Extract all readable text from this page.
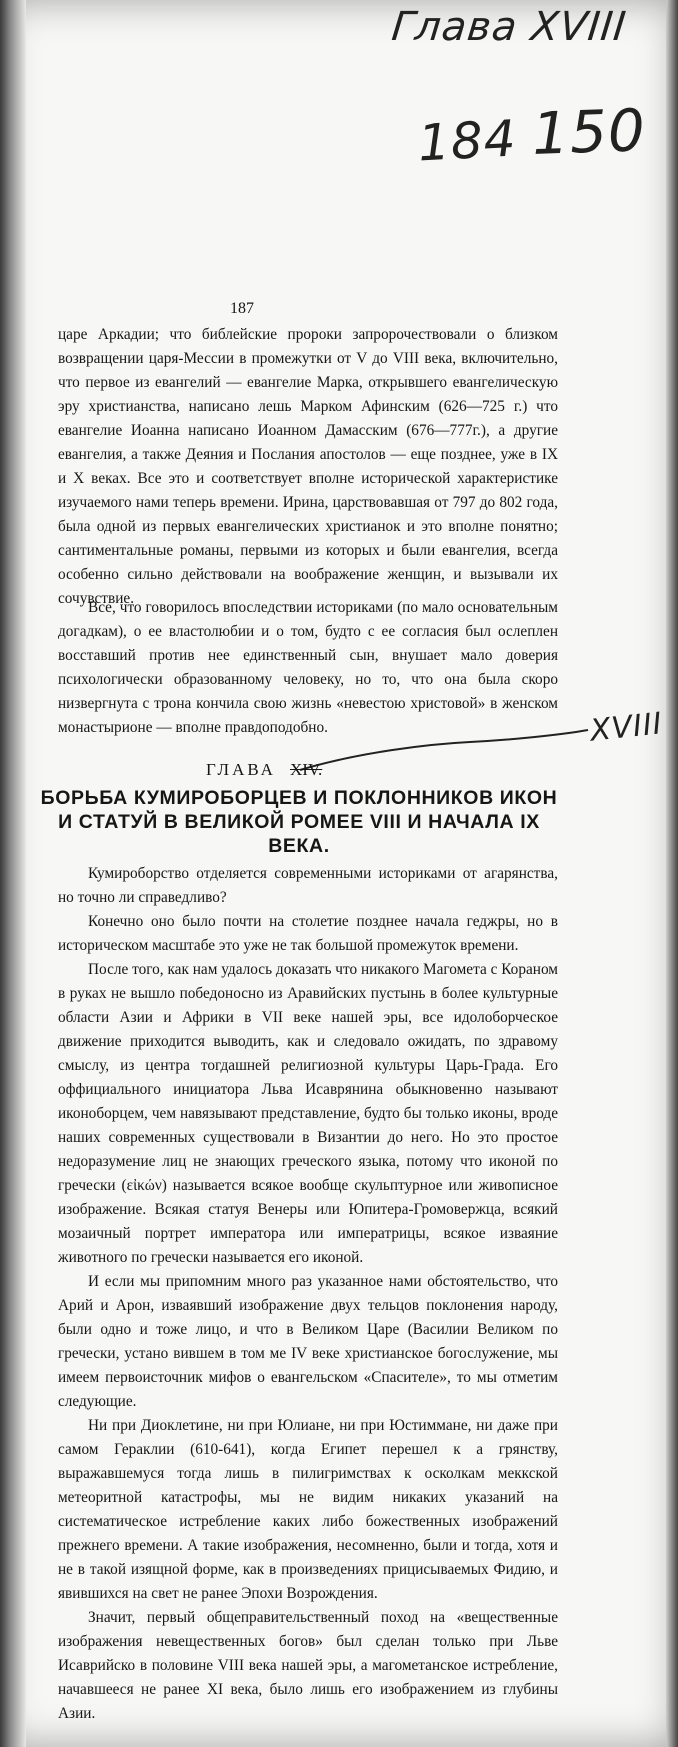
Глава XVIII
184 150
XVIII
187

царе Аркадии; что библейские пророки запророчествовали о близком возвращении царя-Мессии в промежутки от V до VIII века, включительно, что первое из евангелий — евангелие Марка, открывшего евангелическую эру христианства, написано лешь Марком Афинским (626—725 г.) что евангелие Иоанна написано Иоанном Дамасским (676—777г.), а другие евангелия, а также Деяния и Послания апостолов — еще позднее, уже в IX и X веках. Все это и соответствует вполне исторической характеристике изучаемого нами теперь времени. Ирина, царствовавшая от 797 до 802 года, была одной из первых евангелических христианок и это вполне понятно; сантиментальные романы, первыми из которых и были евангелия, всегда особенно сильно действовали на воображение женщин, и вызывали их сочувствие.

Все, что говорилось впоследствии историками (по мало основательным догадкам), о ее властолюбии и о том, будто с ее согласия был ослеплен восставший против нее единственный сын, внушает мало доверия психологически образованному человеку, но то, что она была скоро низвергнута с трона кончила свою жизнь «невестою христовой» в женском монастырионе — вполне правдоподобно.

ГЛАВА XIV.
БОРЬБА КУМИРОБОРЦЕВ И ПОКЛОННИКОВ ИКОН И СТАТУЙ В ВЕЛИКОЙ РОМЕЕ VIII И НАЧАЛА IX ВЕКА.

Кумироборство отделяется современными историками от агарянства, но точно ли справедливо?

Конечно оно было почти на столетие позднее начала геджры, но в историческом масштабе это уже не так большой промежуток времени.

После того, как нам удалось доказать что никакого Магомета с Кораном в руках не вышло победоносно из Аравийских пустынь в более культурные области Азии и Африки в VII веке нашей эры, все идолоборческое движение приходится выводить, как и следовало ожидать, по здравому смыслу, из центра тогдашней религиозной культуры Царь-Града. Его оффициального инициатора Льва Исаврянина обыкновенно называют иконоборцем, чем навязывают представление, будто бы только иконы, вроде наших современных существовали в Византии до него. Но это простое недоразумение лиц не знающих греческого языка, потому что иконой по гречески (εἰκών) называется всякое вообще скульптурное или живописное изображение. Всякая статуя Венеры или Юпитера-Громовержца, всякий мозаичный портрет императора или императрицы, всякое изваяние животного по гречески называется его иконой.

И если мы припомним много раз указанное нами обстоятельство, что Арий и Арон, изваявший изображение двух тельцов поклонения народу, были одно и тоже лицо, и что в Великом Царе (Василии Великом по гречески, устано вившем в том ме IV веке христианское богослужение, мы имеем первоисточник мифов о евангельском «Спасителе», то мы отметим следующие.

Ни при Диоклетине, ни при Юлиане, ни при Юстиммане, ни даже при самом Гераклии (610-641), когда Египет перешел к а грянству, выражавшемуся тогда лишь в пилигримствах к осколкам меккской метеоритной катастрофы, мы не видим никаких указаний на систематическое истребление каких либо божественных изображений прежнего времени. А такие изображения, несомненно, были и тогда, хотя и не в такой изящной форме, как в произведениях прицисываемых Фидию, и явившихся на свет не ранее Эпохи Возрождения.

Значит, первый общеправительственный поход на «вещественные изображения невещественных богов» был сделан только при Льве Исаврийско в половине VIII века нашей эры, а магометанское истребление, начавшееся не ранее XI века, было лишь его изображением из глубины Азии.
